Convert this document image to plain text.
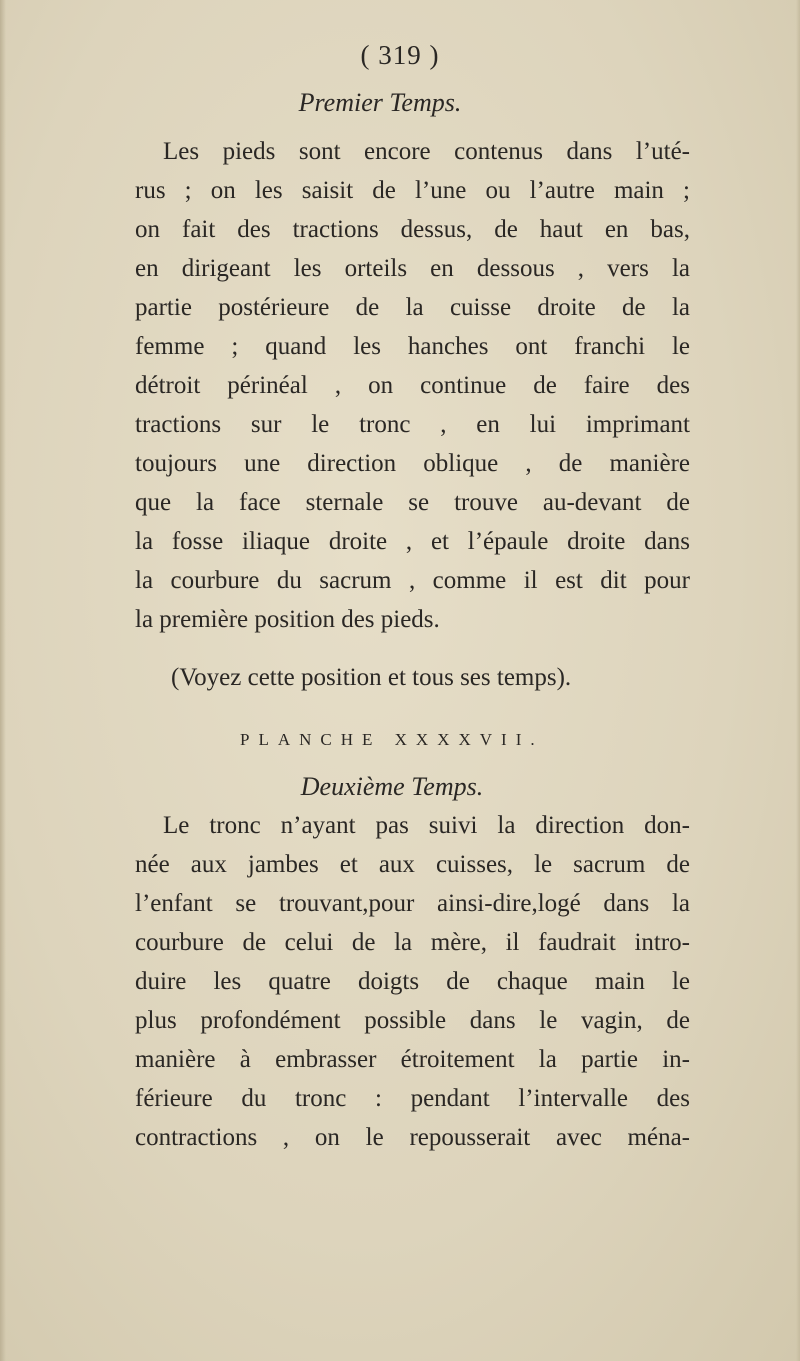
( 319 )
Premier Temps.
Les pieds sont encore contenus dans l’uté-
rus ; on les saisit de l’une ou l’autre main ;
on fait des tractions dessus, de haut en bas,
en dirigeant les orteils en dessous , vers la
partie postérieure de la cuisse droite de la
femme ; quand les hanches ont franchi le
détroit périnéal , on continue de faire des
tractions sur le tronc , en lui imprimant
toujours une direction oblique , de manière
que la face sternale se trouve au-devant de
la fosse iliaque droite , et l’épaule droite dans
la courbure du sacrum , comme il est dit pour
la première position des pieds.
(Voyez cette position et tous ses temps).
PLANCHE XXXXVII.
Deuxième Temps.
Le tronc n’ayant pas suivi la direction don-
née aux jambes et aux cuisses, le sacrum de
l’enfant se trouvant,pour ainsi-dire,logé dans la
courbure de celui de la mère, il faudrait intro-
duire les quatre doigts de chaque main le
plus profondément possible dans le vagin, de
manière à embrasser étroitement la partie in-
férieure du tronc : pendant l’intervalle des
contractions , on le repousserait avec ména-
